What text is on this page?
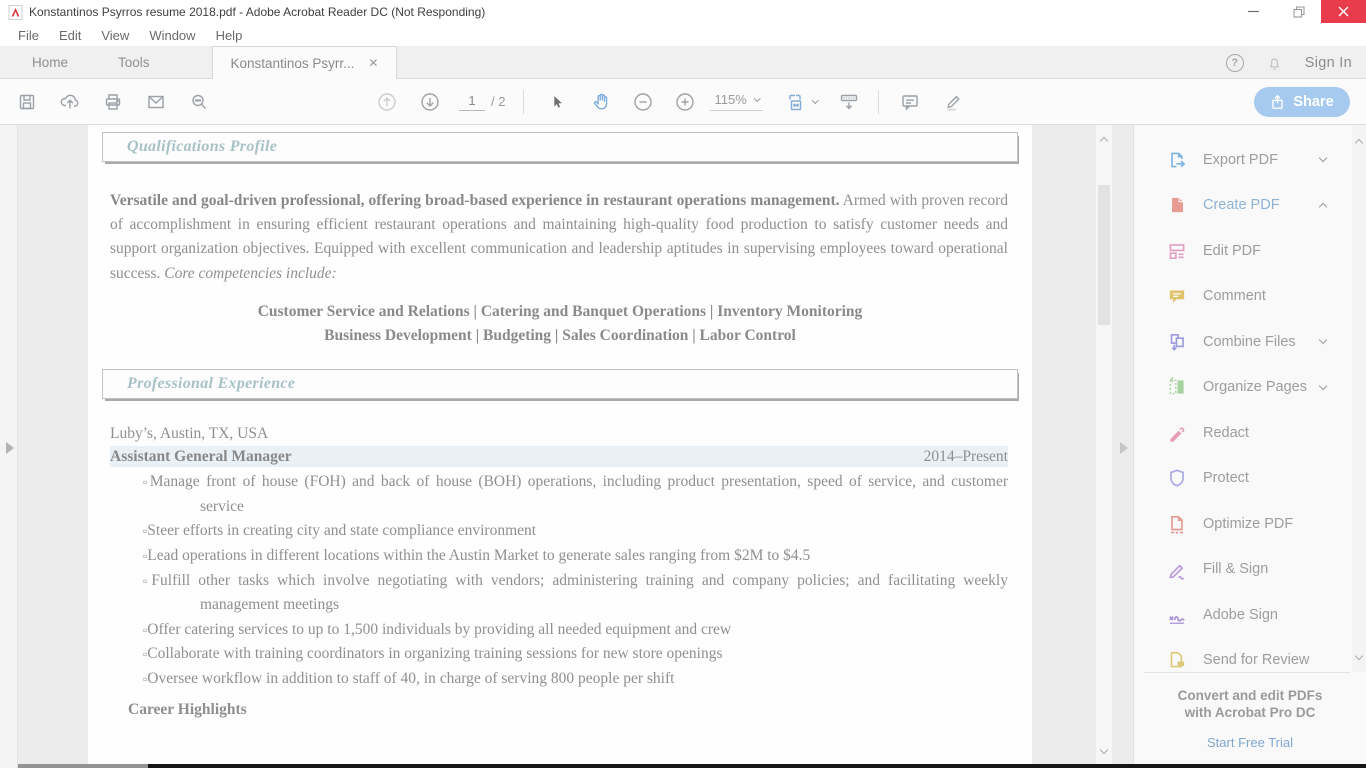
Konstantinos Psyrros resume 2018.pdf - Adobe Acrobat Reader DC (Not Responding)
File	Edit	View	Window	Help
Home	Tools	Konstantinos Psyrr... ✕	?	Sign In
1	/ 2	115%	Share
Qualifications Profile

Versatile and goal-driven professional, offering broad-based experience in restaurant operations management. Armed with proven record of accomplishment in ensuring efficient restaurant operations and maintaining high-quality food production to satisfy customer needs and support organization objectives. Equipped with excellent communication and leadership aptitudes in supervising employees toward operational success. Core competencies include:

Customer Service and Relations | Catering and Banquet Operations | Inventory Monitoring
Business Development | Budgeting | Sales Coordination | Labor Control
Professional Experience
Luby’s, Austin, TX, USA
Assistant General Manager	2014–Present
▫ Manage front of house (FOH) and back of house (BOH) operations, including product presentation, speed of service, and customer service
▫ Steer efforts in creating city and state compliance environment
▫ Lead operations in different locations within the Austin Market to generate sales ranging from $2M to $4.5
▫ Fulfill other tasks which involve negotiating with vendors; administering training and company policies; and facilitating weekly management meetings
▫ Offer catering services to up to 1,500 individuals by providing all needed equipment and crew
▫ Collaborate with training coordinators in organizing training sessions for new store openings
▫ Oversee workflow in addition to staff of 40, in charge of serving 800 people per shift
Career Highlights
Export PDF
Create PDF
Edit PDF
Comment
Combine Files
Organize Pages
Redact
Protect
Optimize PDF
Fill & Sign
Adobe Sign
Send for Review
Convert and edit PDFs
with Acrobat Pro DC
Start Free Trial
